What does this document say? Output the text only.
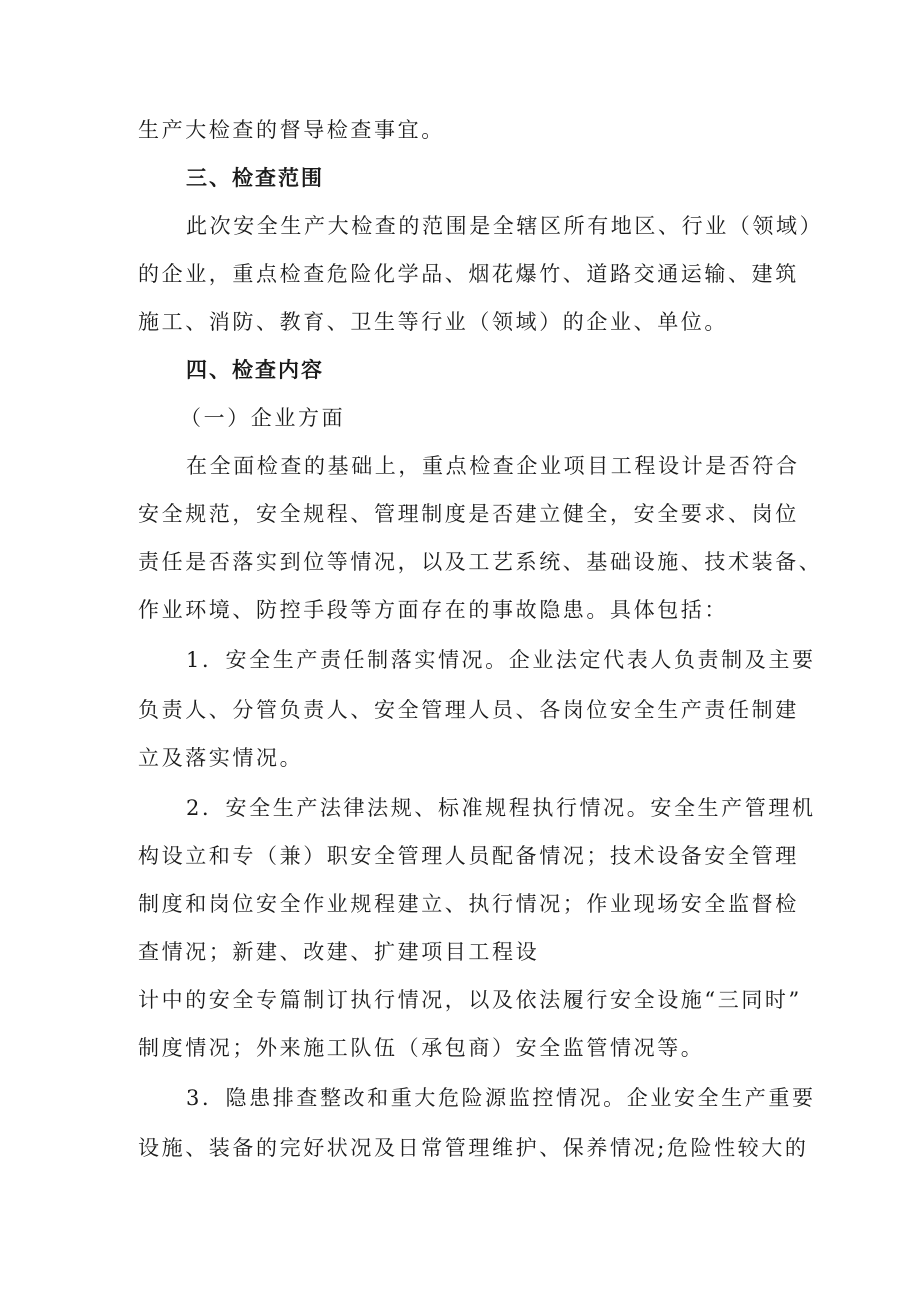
生产大检查的督导检查事宜。
三、检查范围
此次安全生产大检查的范围是全辖区所有地区、行业（领域）
的企业，重点检查危险化学品、烟花爆竹、道路交通运输、建筑
施工、消防、教育、卫生等行业（领域）的企业、单位。
四、检查内容
（一）企业方面
在全面检查的基础上，重点检查企业项目工程设计是否符合
安全规范，安全规程、管理制度是否建立健全，安全要求、岗位
责任是否落实到位等情况，以及工艺系统、基础设施、技术装备、
作业环境、防控手段等方面存在的事故隐患。具体包括：
1．安全生产责任制落实情况。企业法定代表人负责制及主要
负责人、分管负责人、安全管理人员、各岗位安全生产责任制建
立及落实情况。
2．安全生产法律法规、标准规程执行情况。安全生产管理机
构设立和专（兼）职安全管理人员配备情况；技术设备安全管理
制度和岗位安全作业规程建立、执行情况；作业现场安全监督检
查情况；新建、改建、扩建项目工程设
计中的安全专篇制订执行情况，以及依法履行安全设施“三同时”
制度情况；外来施工队伍（承包商）安全监管情况等。
3．隐患排查整改和重大危险源监控情况。企业安全生产重要
设施、装备的完好状况及日常管理维护、保养情况;危险性较大的
